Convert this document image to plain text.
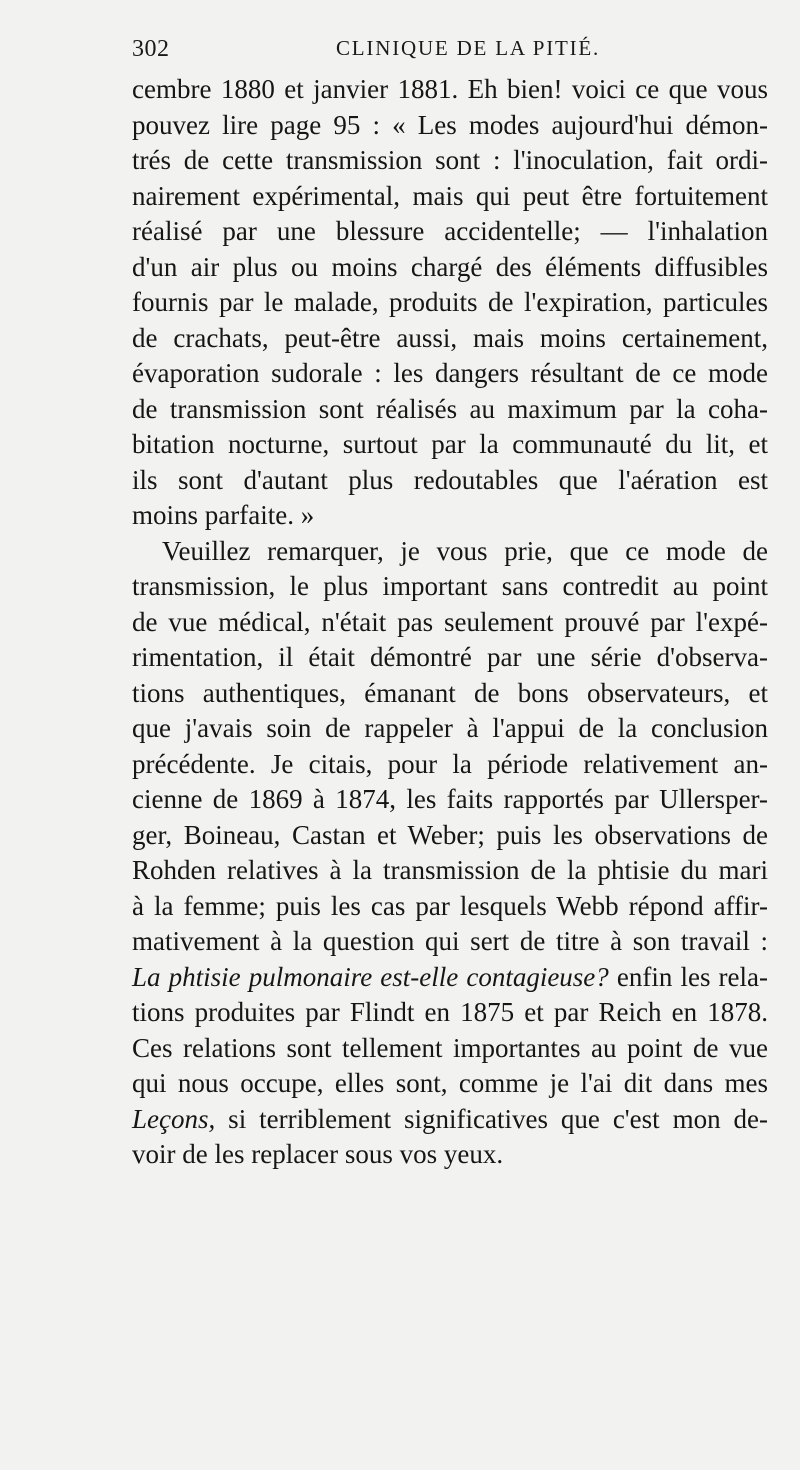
302	CLINIQUE DE LA PITIÉ.
cembre 1880 et janvier 1881. Eh bien! voici ce que vous
pouvez lire page 95 : « Les modes aujourd'hui démon-
trés de cette transmission sont : l'inoculation, fait ordi-
nairement expérimental, mais qui peut être fortuitement
réalisé par une blessure accidentelle; — l'inhalation
d'un air plus ou moins chargé des éléments diffusibles
fournis par le malade, produits de l'expiration, particules
de crachats, peut-être aussi, mais moins certainement,
évaporation sudorale : les dangers résultant de ce mode
de transmission sont réalisés au maximum par la coha-
bitation nocturne, surtout par la communauté du lit, et
ils sont d'autant plus redoutables que l'aération est
moins parfaite. »
Veuillez remarquer, je vous prie, que ce mode de
transmission, le plus important sans contredit au point
de vue médical, n'était pas seulement prouvé par l'expé-
rimentation, il était démontré par une série d'observa-
tions authentiques, émanant de bons observateurs, et
que j'avais soin de rappeler à l'appui de la conclusion
précédente. Je citais, pour la période relativement an-
cienne de 1869 à 1874, les faits rapportés par Ullersper-
ger, Boineau, Castan et Weber; puis les observations de
Rohden relatives à la transmission de la phtisie du mari
à la femme; puis les cas par lesquels Webb répond affir-
mativement à la question qui sert de titre à son travail :
La phtisie pulmonaire est-elle contagieuse? enfin les rela-
tions produites par Flindt en 1875 et par Reich en 1878.
Ces relations sont tellement importantes au point de vue
qui nous occupe, elles sont, comme je l'ai dit dans mes
Leçons, si terriblement significatives que c'est mon de-
voir de les replacer sous vos yeux.
